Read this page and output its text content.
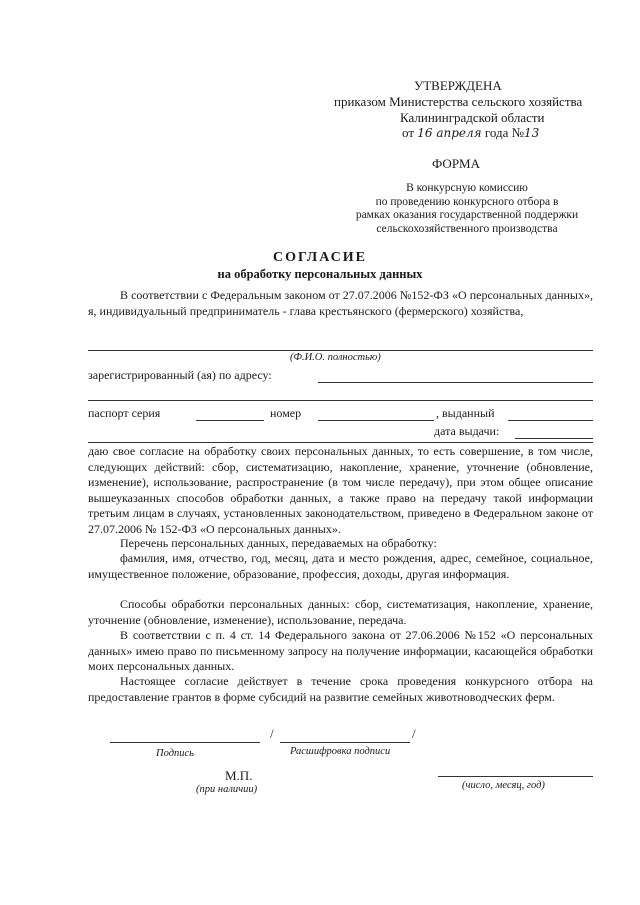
УТВЕРЖДЕНА
приказом Министерства сельского хозяйства
Калининградской области
от 16 апреля года №13
ФОРМА
В конкурсную комиссию
по проведению конкурсного отбора в
рамках оказания государственной поддержки
сельскохозяйственного производства
СОГЛАСИЕ
на обработку персональных данных
В соответствии с Федеральным законом от 27.07.2006 №152-ФЗ «О персональных данных», я, индивидуальный предприниматель - глава крестьянского (фермерского) хозяйства,
(Ф.И.О. полностью)
зарегистрированный (ая) по адресу:
паспорт серия	номер	, выданный
дата выдачи:
даю свое согласие на обработку своих персональных данных, то есть совершение, в том числе, следующих действий: сбор, систематизацию, накопление, хранение, уточнение (обновление, изменение), использование, распространение (в том числе передачу), при этом общее описание вышеуказанных способов обработки данных, а также право на передачу такой информации третьим лицам в случаях, установленных законодательством, приведено в Федеральном законе от 27.07.2006 № 152-ФЗ «О персональных данных».
Перечень персональных данных, передаваемых на обработку:
фамилия, имя, отчество, год, месяц, дата и место рождения, адрес, семейное, социальное, имущественное положение, образование, профессия, доходы, другая информация.
Способы обработки персональных данных: сбор, систематизация, накопление, хранение, уточнение (обновление, изменение), использование, передача.
В соответствии с п. 4 ст. 14 Федерального закона от 27.06.2006 №152 «О персональных данных» имею право по письменному запросу на получение информации, касающейся обработки моих персональных данных.
Настоящее согласие действует в течение срока проведения конкурсного отбора на предоставление грантов в форме субсидий на развитие семейных животноводческих ферм.
/	/
Подпись	Расшифровка подписи
М.П.
(при наличии)	(число, месяц, год)
